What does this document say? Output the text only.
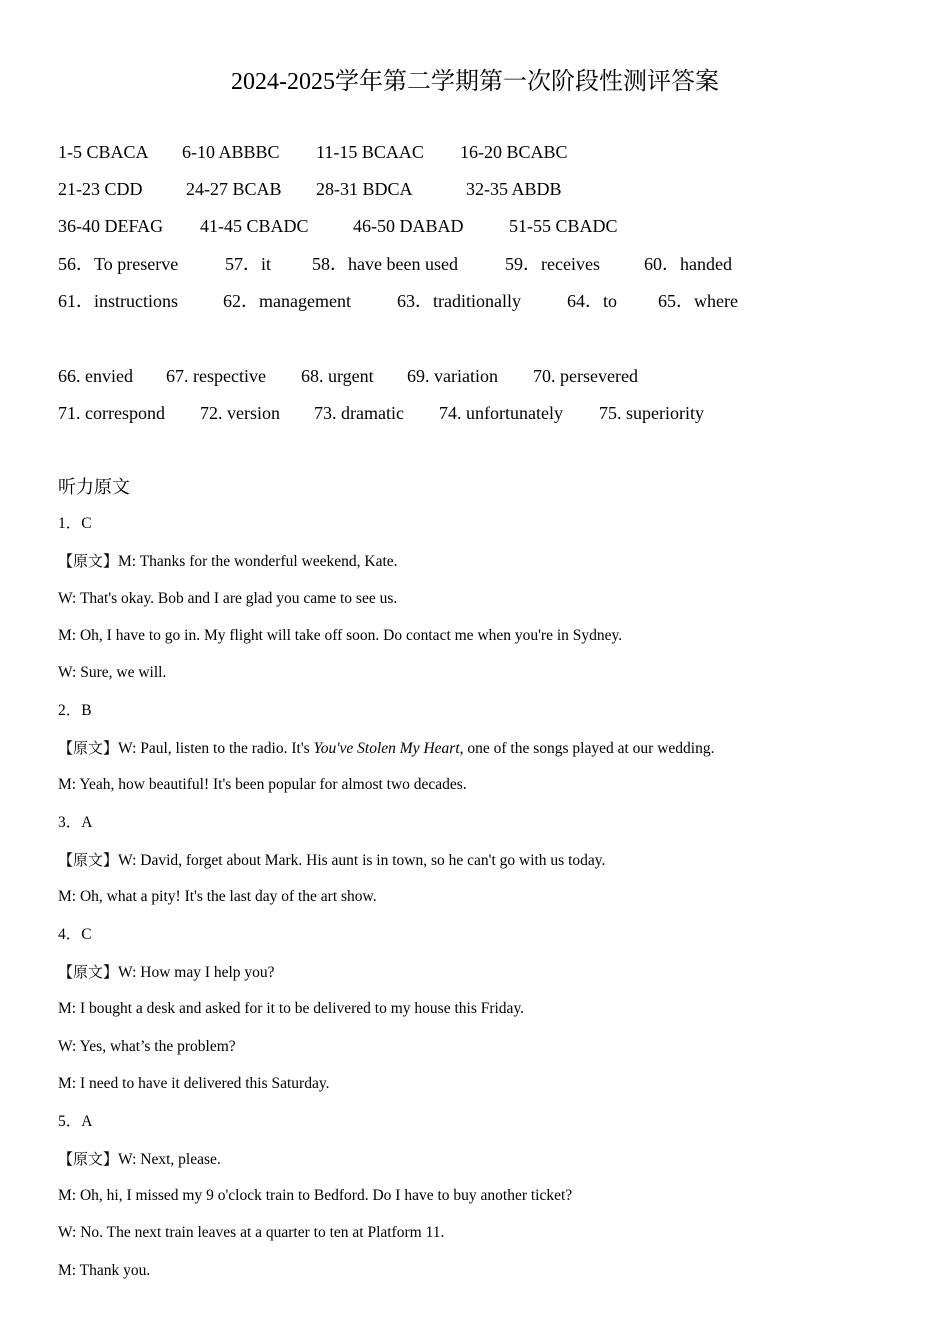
2024-2025学年第二学期第一次阶段性测评答案
1-5 CBACA 6-10 ABBBC 11-15 BCAAC 16-20 BCABC
21-23 CDD 24-27 BCAB 28-31 BDCA	32-35 ABDB
36-40 DEFAG 41-45 CBADC 46-50 DABAD	51-55 CBADC
56．To preserve	57．it 58．have been used	59．receives 60．handed
61．instructions	62．management	63．traditionally	64．to 65．where
66. envied 67. respective 68. urgent 69. variation 70. persevered
71. correspond 72. version 73. dramatic 74. unfortunately 75. superiority
听力原文
1．C
【原文】M: Thanks for the wonderful weekend, Kate.
W: That's okay. Bob and I are glad you came to see us.
M: Oh, I have to go in. My flight will take off soon. Do contact me when you're in Sydney.
W: Sure, we will.
2．B
【原文】W: Paul, listen to the radio. It's You've Stolen My Heart, one of the songs played at our wedding.
M: Yeah, how beautiful! It's been popular for almost two decades.
3．A
【原文】W: David, forget about Mark. His aunt is in town, so he can't go with us today.
M: Oh, what a pity! It's the last day of the art show.
4．C
【原文】W: How may I help you?
M: I bought a desk and asked for it to be delivered to my house this Friday.
W: Yes, what’s the problem?
M: I need to have it delivered this Saturday.
5．A
【原文】W: Next, please.
M: Oh, hi, I missed my 9 o'clock train to Bedford. Do I have to buy another ticket?
W: No. The next train leaves at a quarter to ten at Platform 11.
M: Thank you.
